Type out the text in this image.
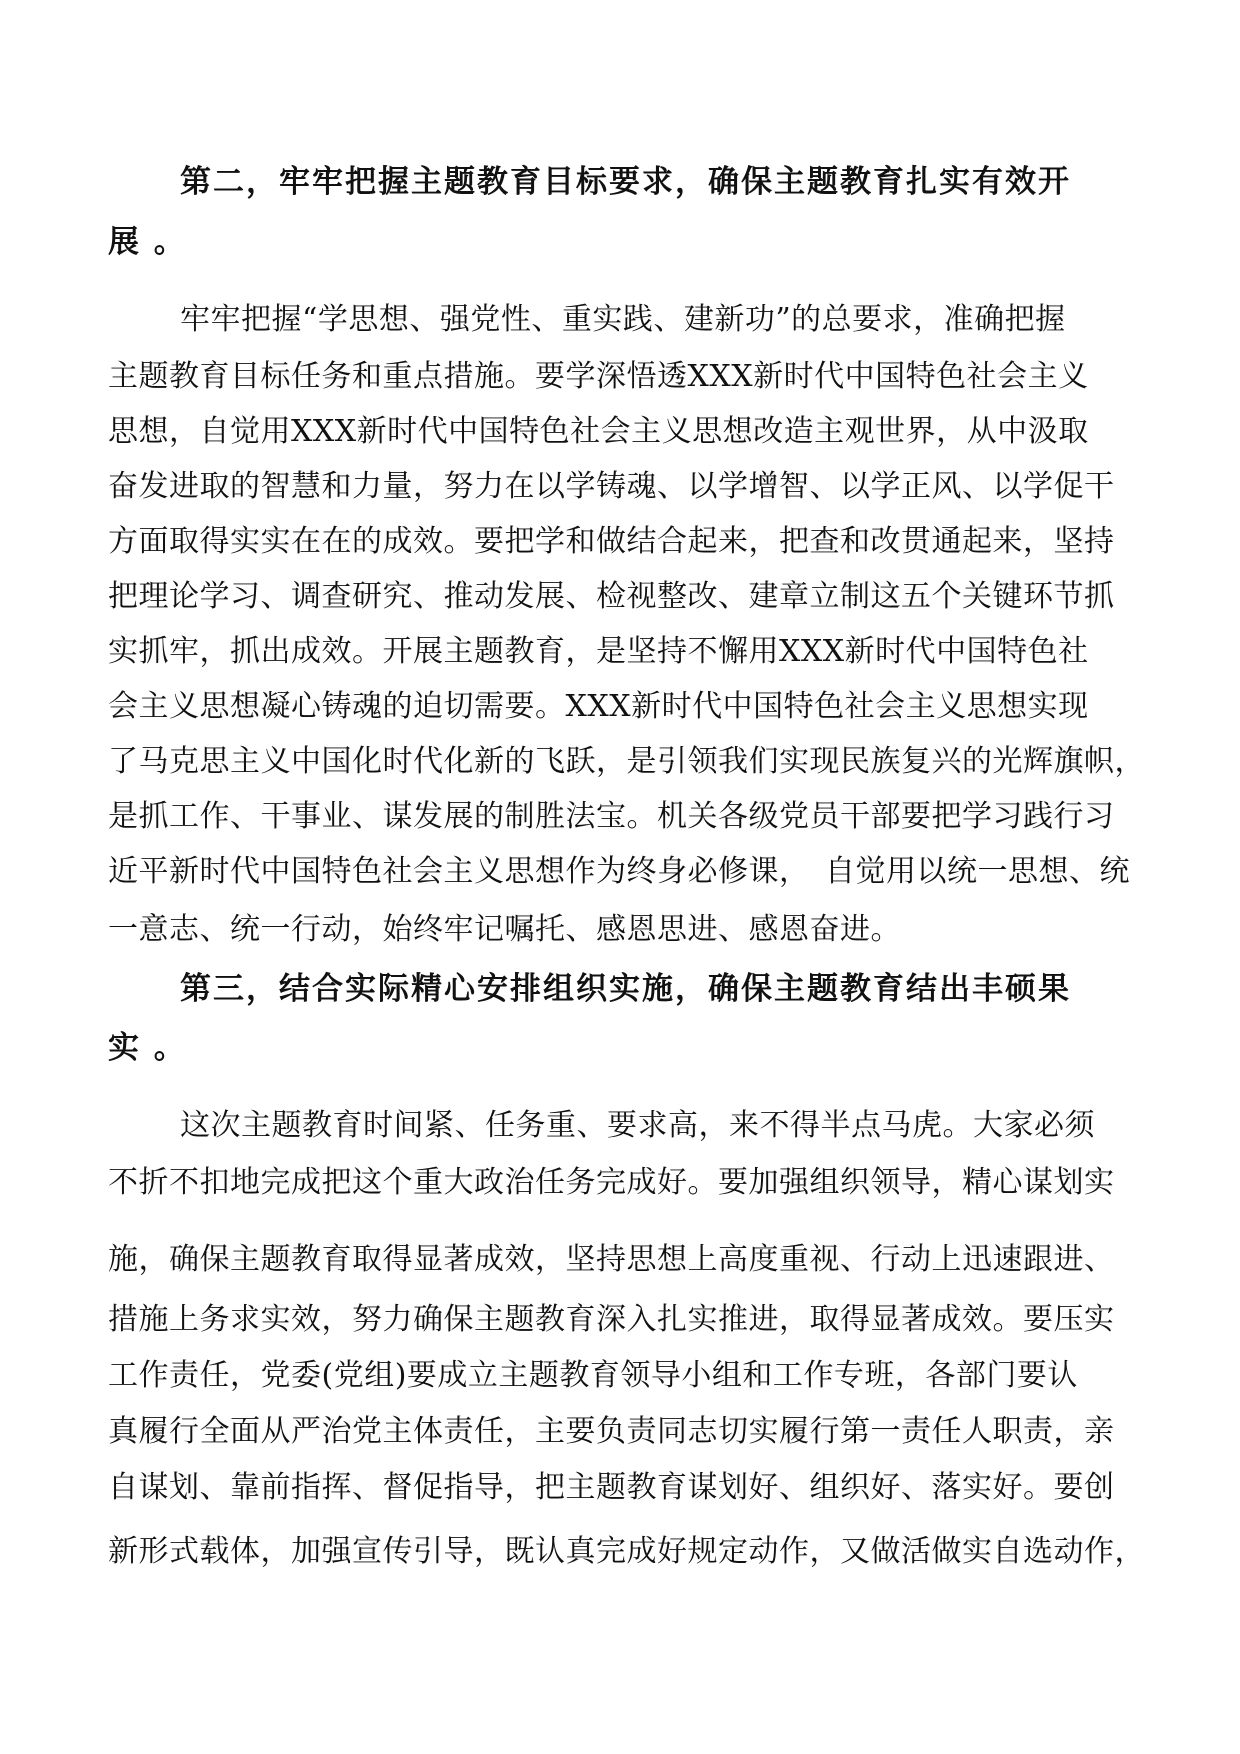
第二，牢牢把握主题教育目标要求，确保主题教育扎实有效开

展 。

牢牢把握“学思想、强党性、重实践、建新功”的总要求，准确把握

主题教育目标任务和重点措施。要学深悟透XXX新时代中国特色社会主义

思想，自觉用XXX新时代中国特色社会主义思想改造主观世界，从中汲取

奋发进取的智慧和力量，努力在以学铸魂、以学增智、以学正风、以学促干

方面取得实实在在的成效。要把学和做结合起来，把查和改贯通起来，坚持

把理论学习、调查研究、推动发展、检视整改、建章立制这五个关键环节抓

实抓牢，抓出成效。开展主题教育，是坚持不懈用XXX新时代中国特色社

会主义思想凝心铸魂的迫切需要。XXX新时代中国特色社会主义思想实现

了马克思主义中国化时代化新的飞跃，是引领我们实现民族复兴的光辉旗帜，

是抓工作、干事业、谋发展的制胜法宝。机关各级党员干部要把学习践行习

近平新时代中国特色社会主义思想作为终身必修课，　自觉用以统一思想、统

一意志、统一行动，始终牢记嘱托、感恩思进、感恩奋进。

第三，结合实际精心安排组织实施，确保主题教育结出丰硕果

实 。

这次主题教育时间紧、任务重、要求高，来不得半点马虎。大家必须

不折不扣地完成把这个重大政治任务完成好。要加强组织领导，精心谋划实

施，确保主题教育取得显著成效，坚持思想上高度重视、行动上迅速跟进、

措施上务求实效，努力确保主题教育深入扎实推进，取得显著成效。要压实

工作责任，党委(党组)要成立主题教育领导小组和工作专班，各部门要认

真履行全面从严治党主体责任，主要负责同志切实履行第一责任人职责，亲

自谋划、靠前指挥、督促指导，把主题教育谋划好、组织好、落实好。要创

新形式载体，加强宣传引导，既认真完成好规定动作，又做活做实自选动作，
